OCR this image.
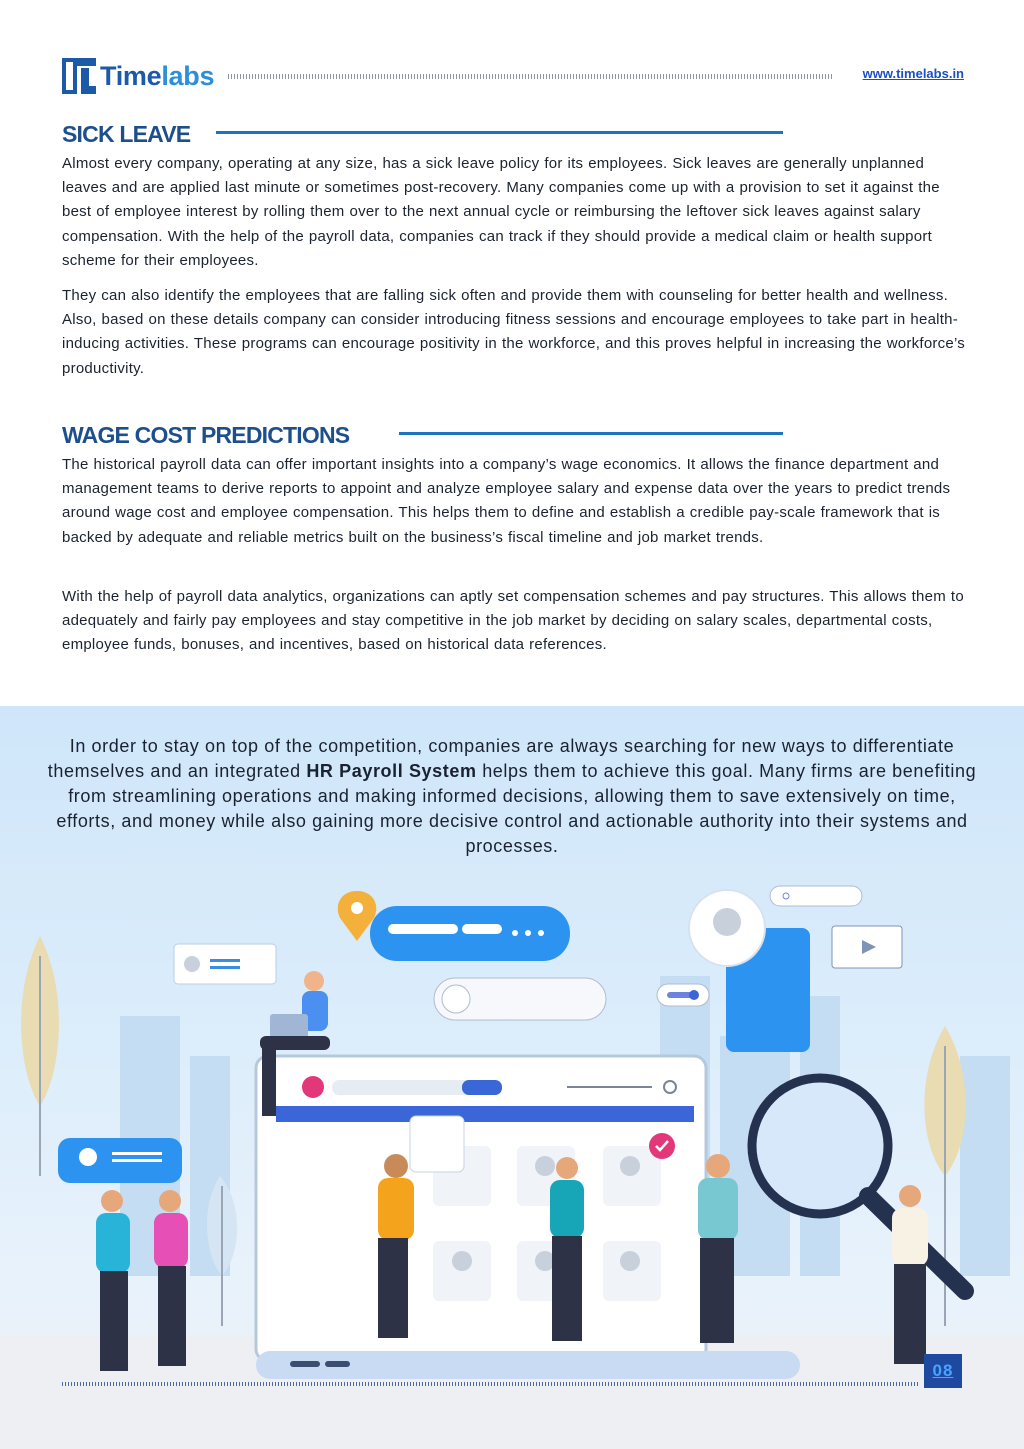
Timelabs	www.timelabs.in
SICK LEAVE

Almost every company, operating at any size, has a sick leave policy for its employees. Sick leaves are generally unplanned leaves and are applied last minute or sometimes post-recovery. Many companies come up with a provision to set it against the best of employee interest by rolling them over to the next annual cycle or reimbursing the leftover sick leaves against salary compensation. With the help of the payroll data, companies can track if they should provide a medical claim or health support scheme for their employees.

They can also identify the employees that are falling sick often and provide them with counseling for better health and wellness. Also, based on these details company can consider introducing fitness sessions and encourage employees to take part in health-inducing activities. These programs can encourage positivity in the workforce, and this proves helpful in increasing the workforce’s productivity.

WAGE COST PREDICTIONS

The historical payroll data can offer important insights into a company’s wage economics. It allows the finance department and management teams to derive reports to appoint and analyze employee salary and expense data over the years to predict trends around wage cost and employee compensation. This helps them to define and establish a credible pay-scale framework that is backed by adequate and reliable metrics built on the business’s fiscal timeline and job market trends.

With the help of payroll data analytics, organizations can aptly set compensation schemes and pay structures. This allows them to adequately and fairly pay employees and stay competitive in the job market by deciding on salary scales, departmental costs, employee funds, bonuses, and incentives, based on historical data references.

In order to stay on top of the competition, companies are always searching for new ways to differentiate themselves and an integrated HR Payroll System helps them to achieve this goal. Many firms are benefiting from streamlining operations and making informed decisions, allowing them to save extensively on time, efforts, and money while also gaining more decisive control and actionable authority into their systems and processes.

08
